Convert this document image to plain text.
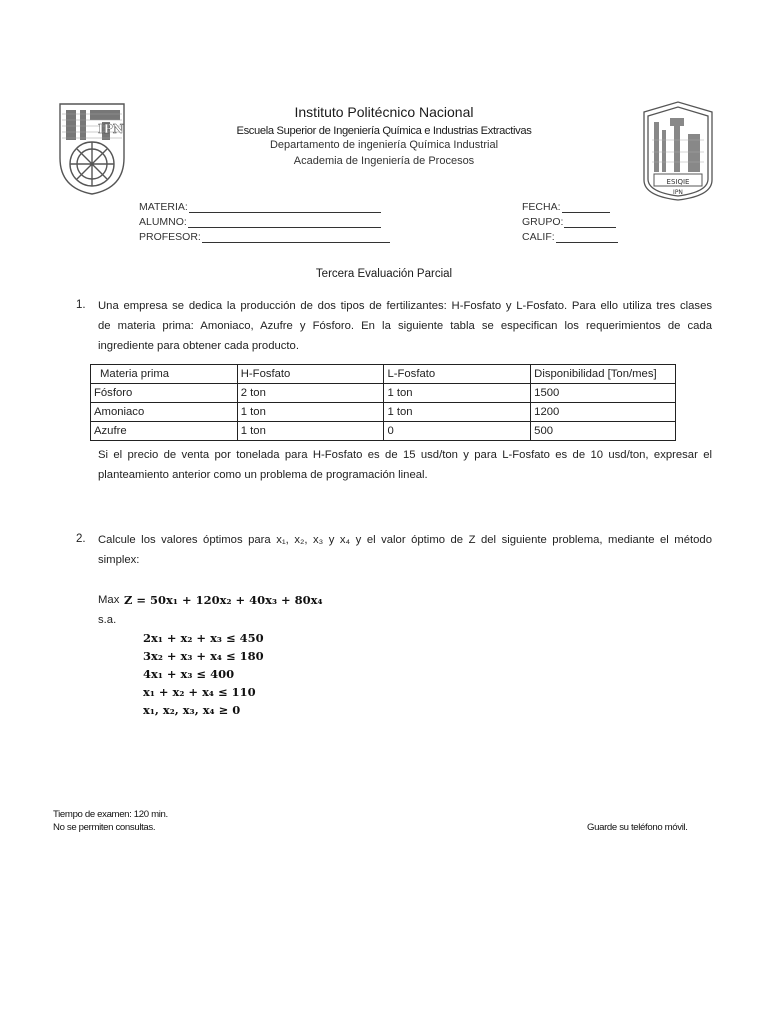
IPN
ESIQIE
IPN
Instituto Politécnico Nacional
Escuela Superior de Ingeniería Química e Industrias Extractivas
Departamento de ingeniería Química Industrial
Academia de Ingeniería de Procesos
MATERIA:
ALUMNO:
PROFESOR:
FECHA:
GRUPO:
CALIF:
Tercera Evaluación Parcial
1. Una empresa se dedica la producción de dos tipos de fertilizantes: H-Fosfato y L-Fosfato. Para ello utiliza tres clases
de materia prima: Amoniaco, Azufre y Fósforo. En la siguiente tabla se especifican los requerimientos de cada
ingrediente para obtener cada producto.
Materia prima	H-Fosfato	L-Fosfato	Disponibilidad [Ton/mes]
Fósforo	2 ton	1 ton	1500
Amoniaco	1 ton	1 ton	1200
Azufre	1 ton	0	500
Si el precio de venta por tonelada para H-Fosfato es de 15 usd/ton y para L-Fosfato es de 10 usd/ton, expresar el
planteamiento anterior como un problema de programación lineal.
2. Calcule los valores óptimos para x₁, x₂, x₃ y x₄ y el valor óptimo de Z del siguiente problema, mediante el método
simplex:
Max Z = 50x₁ + 120x₂ + 40x₃ + 80x₄
s.a.
2x₁ + x₂ + x₃ ≤ 450
3x₂ + x₃ + x₄ ≤ 180
4x₁ + x₃ ≤ 400
x₁ + x₂ + x₄ ≤ 110
x₁, x₂, x₃, x₄ ≥ 0
Tiempo de examen: 120 min.
No se permiten consultas.	Guarde su teléfono móvil.
